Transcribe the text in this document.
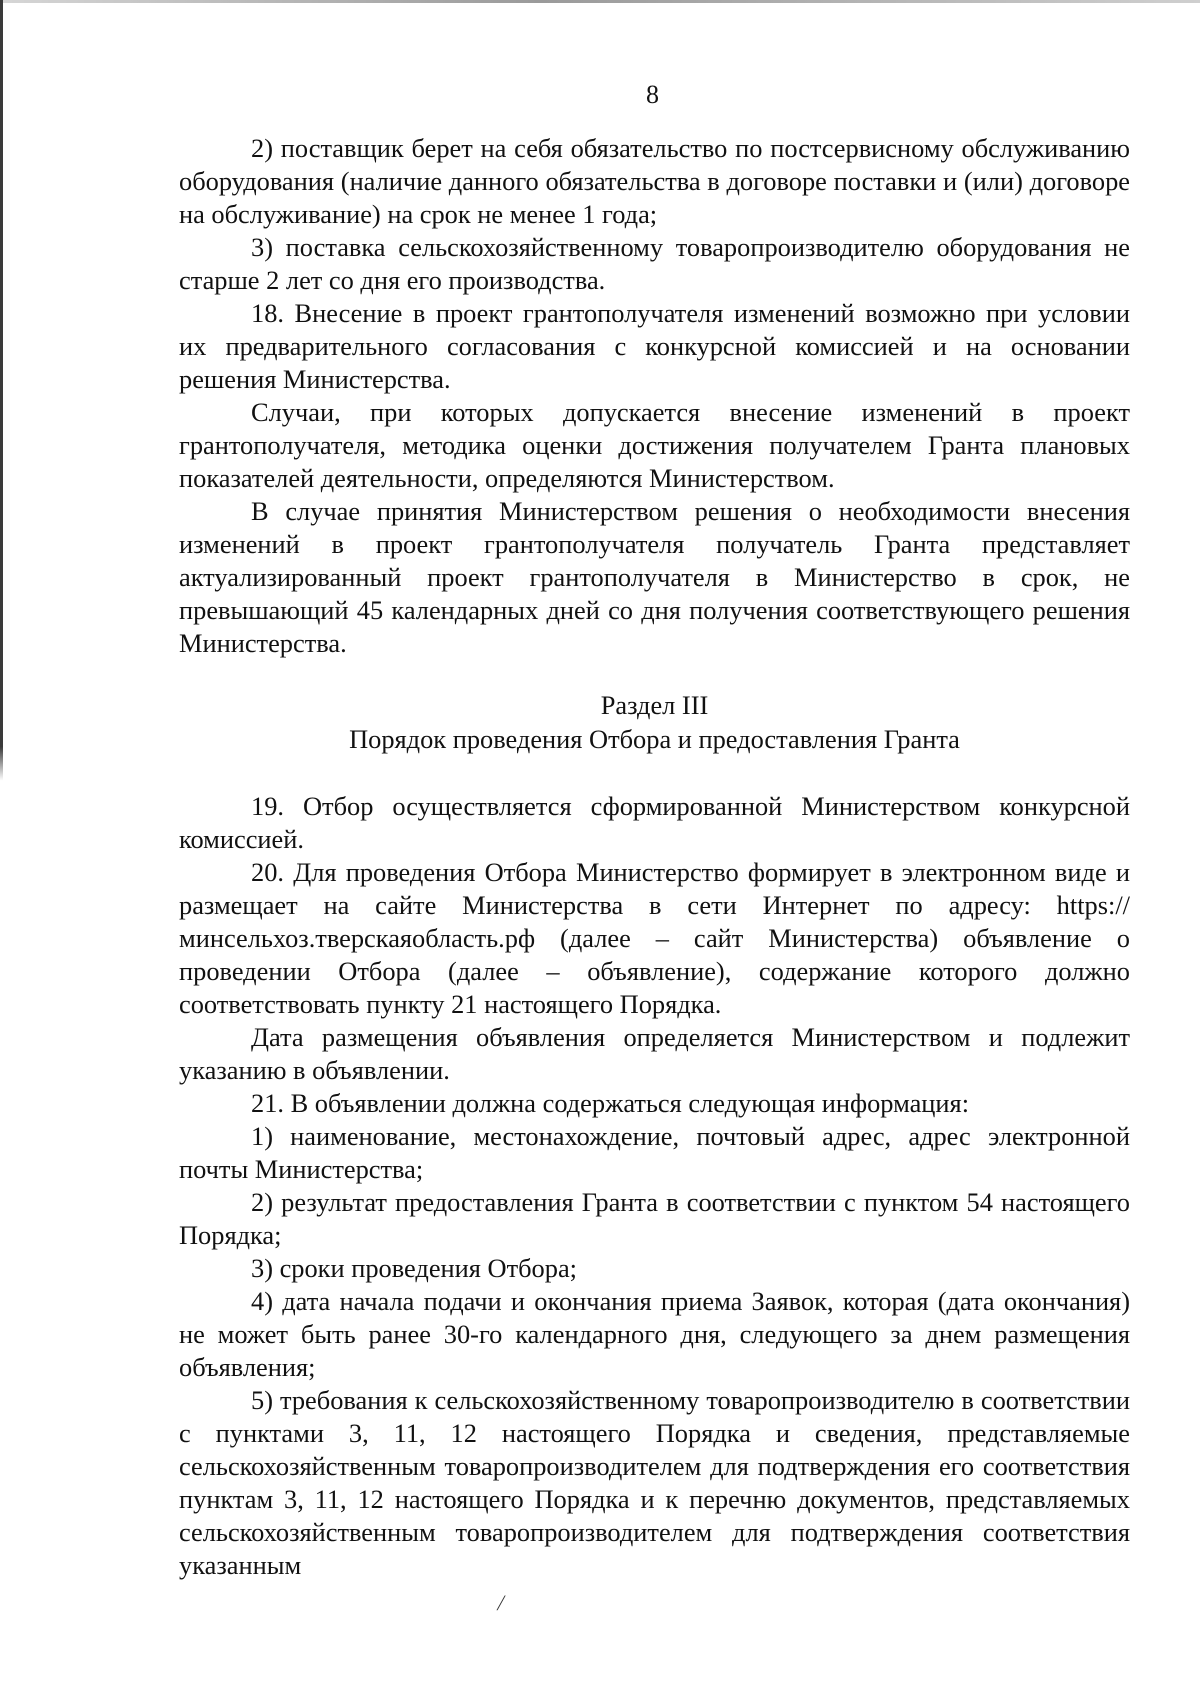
8

2) поставщик берет на себя обязательство по постсервисному обслуживанию оборудования (наличие данного обязательства в договоре поставки и (или) договоре на обслуживание) на срок не менее 1 года;

3) поставка сельскохозяйственному товаропроизводителю оборудования не старше 2 лет со дня его производства.

18. Внесение в проект грантополучателя изменений возможно при условии их предварительного согласования с конкурсной комиссией и на основании решения Министерства.

Случаи, при которых допускается внесение изменений в проект грантополучателя, методика оценки достижения получателем Гранта плановых показателей деятельности, определяются Министерством.

В случае принятия Министерством решения о необходимости внесения изменений в проект грантополучателя получатель Гранта представляет актуализированный проект грантополучателя в Министерство в срок, не превышающий 45 календарных дней со дня получения соответствующего решения Министерства.

Раздел III
Порядок проведения Отбора и предоставления Гранта

19. Отбор осуществляется сформированной Министерством конкурсной комиссией.

20. Для проведения Отбора Министерство формирует в электронном виде и размещает на сайте Министерства в сети Интернет по адресу: https://минсельхоз.тверскаяобласть.рф (далее – сайт Министерства) объявление о проведении Отбора (далее – объявление), содержание которого должно соответствовать пункту 21 настоящего Порядка.

Дата размещения объявления определяется Министерством и подлежит указанию в объявлении.

21. В объявлении должна содержаться следующая информация:

1) наименование, местонахождение, почтовый адрес, адрес электронной почты Министерства;

2) результат предоставления Гранта в соответствии с пунктом 54 настоящего Порядка;

3) сроки проведения Отбора;

4) дата начала подачи и окончания приема Заявок, которая (дата окончания) не может быть ранее 30-го календарного дня, следующего за днем размещения объявления;

5) требования к сельскохозяйственному товаропроизводителю в соответствии с пунктами 3, 11, 12 настоящего Порядка и сведения, представляемые сельскохозяйственным товаропроизводителем для подтверждения его соответствия пунктам 3, 11, 12 настоящего Порядка и к перечню документов, представляемых сельскохозяйственным товаропроизводителем для подтверждения соответствия указанным

/
